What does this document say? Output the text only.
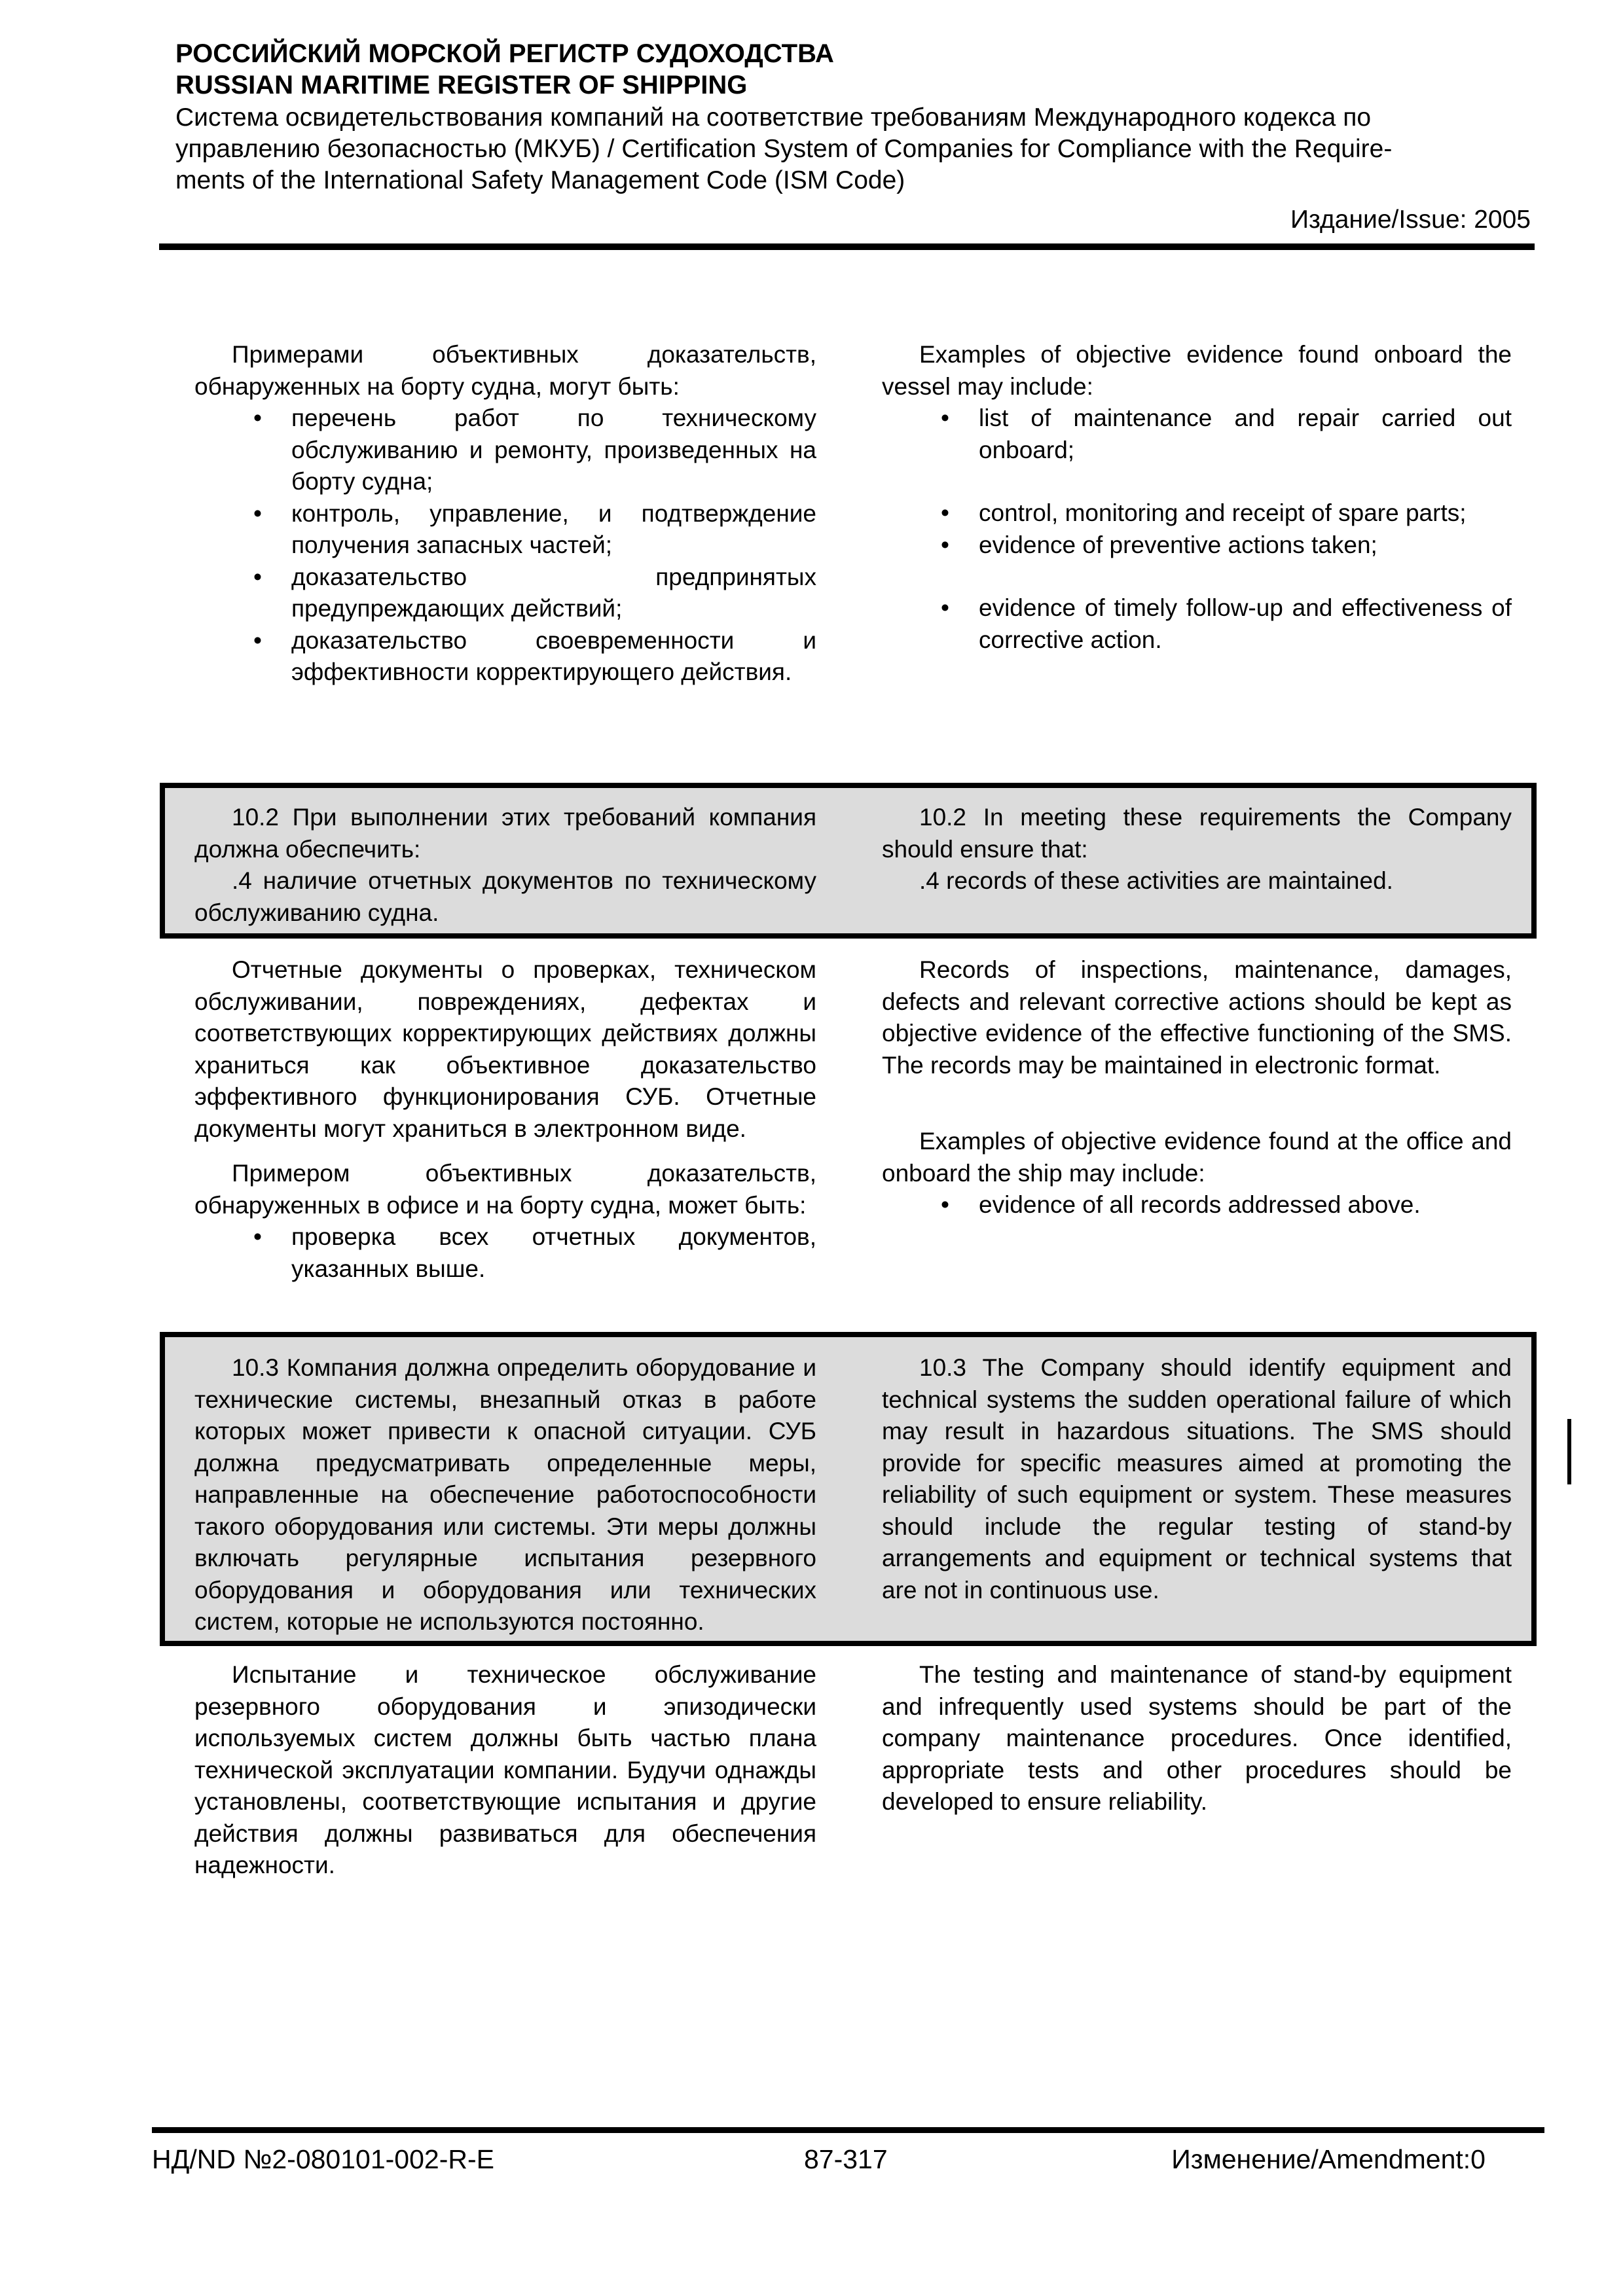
РОССИЙСКИЙ МОРСКОЙ РЕГИСТР СУДОХОДСТВА
RUSSIAN MARITIME REGISTER OF SHIPPING
Система освидетельствования компаний на соответствие требованиям Международного кодекса по
управлению безопасностью (МКУБ) / Certification System of Companies for Compliance with the Require-
ments of the International Safety Management Code (ISM Code)
Издание/Issue: 2005

Примерами объективных доказательств, обнаруженных на борту судна, могут быть:

• перечень работ по техническому обслуживанию и ремонту, произведенных на борту судна;
• контроль, управление, и подтверждение получения запасных частей;
• доказательство предпринятых предупреждающих действий;
• доказательство своевременности и эффективности корректирующего действия.

Examples of objective evidence found onboard the vessel may include:

• list of maintenance and repair carried out onboard;
• control, monitoring and receipt of spare parts;
• evidence of preventive actions taken;
• evidence of timely follow-up and effectiveness of corrective action.

10.2 При выполнении этих требований компания должна обеспечить:

.4 наличие отчетных документов по техническому обслуживанию судна.

10.2 In meeting these requirements the Company should ensure that:

.4 records of these activities are maintained.

Отчетные документы о проверках, техническом обслуживании, повреждениях, дефектах и соответствующих корректирующих действиях должны храниться как объективное доказательство эффективного функционирования СУБ. Отчетные документы могут храниться в электронном виде.

Примером объективных доказательств, обнаруженных в офисе и на борту судна, может быть:

• проверка всех отчетных документов, указанных выше.

Records of inspections, maintenance, damages, defects and relevant corrective actions should be kept as objective evidence of the effective functioning of the SMS. The records may be maintained in electronic format.

Examples of objective evidence found at the office and onboard the ship may include:

• evidence of all records addressed above.

10.3 Компания должна определить оборудование и технические системы, внезапный отказ в работе которых может привести к опасной ситуации. СУБ должна предусматривать определенные меры, направленные на обеспечение работоспособности такого оборудования или системы. Эти меры должны включать регулярные испытания резервного оборудования и оборудования или технических систем, которые не используются постоянно.

10.3 The Company should identify equipment and technical systems the sudden operational failure of which may result in hazardous situations. The SMS should provide for specific measures aimed at promoting the reliability of such equipment or system. These measures should include the regular testing of stand-by arrangements and equipment or technical systems that are not in continuous use.

Испытание и техническое обслуживание резервного оборудования и эпизодически используемых систем должны быть частью плана технической эксплуатации компании. Будучи однажды установлены, соответствующие испытания и другие действия должны развиваться для обеспечения надежности.

The testing and maintenance of stand-by equipment and infrequently used systems should be part of the company maintenance procedures. Once identified, appropriate tests and other procedures should be developed to ensure reliability.

НД/ND №2-080101-002-R-E	87-317	Изменение/Amendment:0
